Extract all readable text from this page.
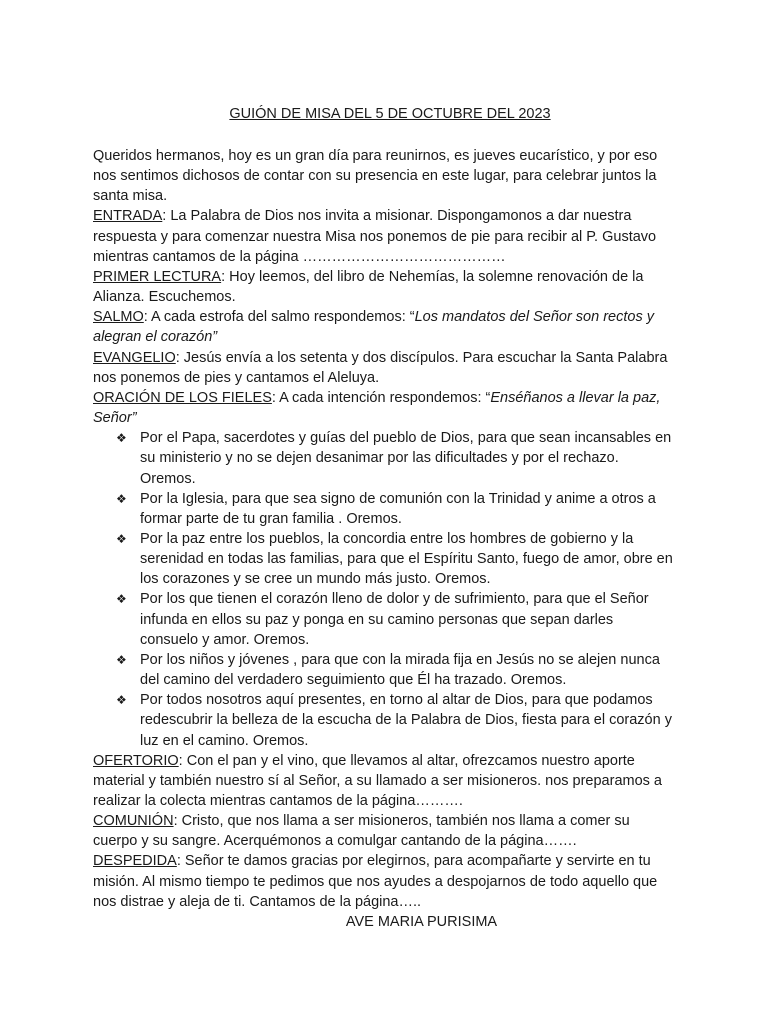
GUIÓN DE MISA DEL 5 DE OCTUBRE DEL 2023

Queridos hermanos, hoy es un gran día para reunirnos, es jueves eucarístico, y por eso nos sentimos dichosos de contar con su presencia en este lugar, para celebrar juntos la santa misa.

ENTRADA: La Palabra de Dios nos invita a misionar. Dispongamonos a dar nuestra respuesta y para comenzar nuestra Misa nos ponemos de pie para recibir al P. Gustavo mientras cantamos de la página ……………………………………

PRIMER LECTURA: Hoy leemos, del libro de Nehemías, la solemne renovación de la Alianza. Escuchemos.

SALMO: A cada estrofa del salmo respondemos: “Los mandatos del Señor son rectos y alegran el corazón”

EVANGELIO: Jesús envía a los setenta y dos discípulos. Para escuchar la Santa Palabra nos ponemos de pies y cantamos el Aleluya.

ORACIÓN DE LOS FIELES: A cada intención respondemos: “Enséñanos a llevar la paz, Señor”

❖ Por el Papa, sacerdotes y guías del pueblo de Dios, para que sean incansables en su ministerio y no se dejen desanimar por las dificultades y por el rechazo. Oremos.
❖ Por la Iglesia, para que sea signo de comunión con la Trinidad y anime a otros a formar parte de tu gran familia . Oremos.
❖ Por la paz entre los pueblos, la concordia entre los hombres de gobierno y la serenidad en todas las familias, para que el Espíritu Santo, fuego de amor, obre en los corazones y se cree un mundo más justo. Oremos.
❖ Por los que tienen el corazón lleno de dolor y de sufrimiento, para que el Señor infunda en ellos su paz y ponga en su camino personas que sepan darles consuelo y amor. Oremos.
❖ Por los niños y jóvenes , para que con la mirada fija en Jesús no se alejen nunca del camino del verdadero seguimiento que Él ha trazado. Oremos.
❖ Por todos nosotros aquí presentes, en torno al altar de Dios, para que podamos redescubrir la belleza de la escucha de la Palabra de Dios, fiesta para el corazón y luz en el camino. Oremos.

OFERTORIO: Con el pan y el vino, que llevamos al altar, ofrezcamos nuestro aporte material y también nuestro sí al Señor, a su llamado a ser misioneros. nos preparamos a realizar la colecta mientras cantamos de la página……….

COMUNIÓN: Cristo, que nos llama a ser misioneros, también nos llama a comer su cuerpo y su sangre. Acerquémonos a comulgar cantando de la página…….

DESPEDIDA: Señor te damos gracias por elegirnos, para acompañarte y servirte en tu misión. Al mismo tiempo te pedimos que nos ayudes a despojarnos de todo aquello que nos distrae y aleja de ti. Cantamos de la página…..

AVE MARIA PURISIMA
